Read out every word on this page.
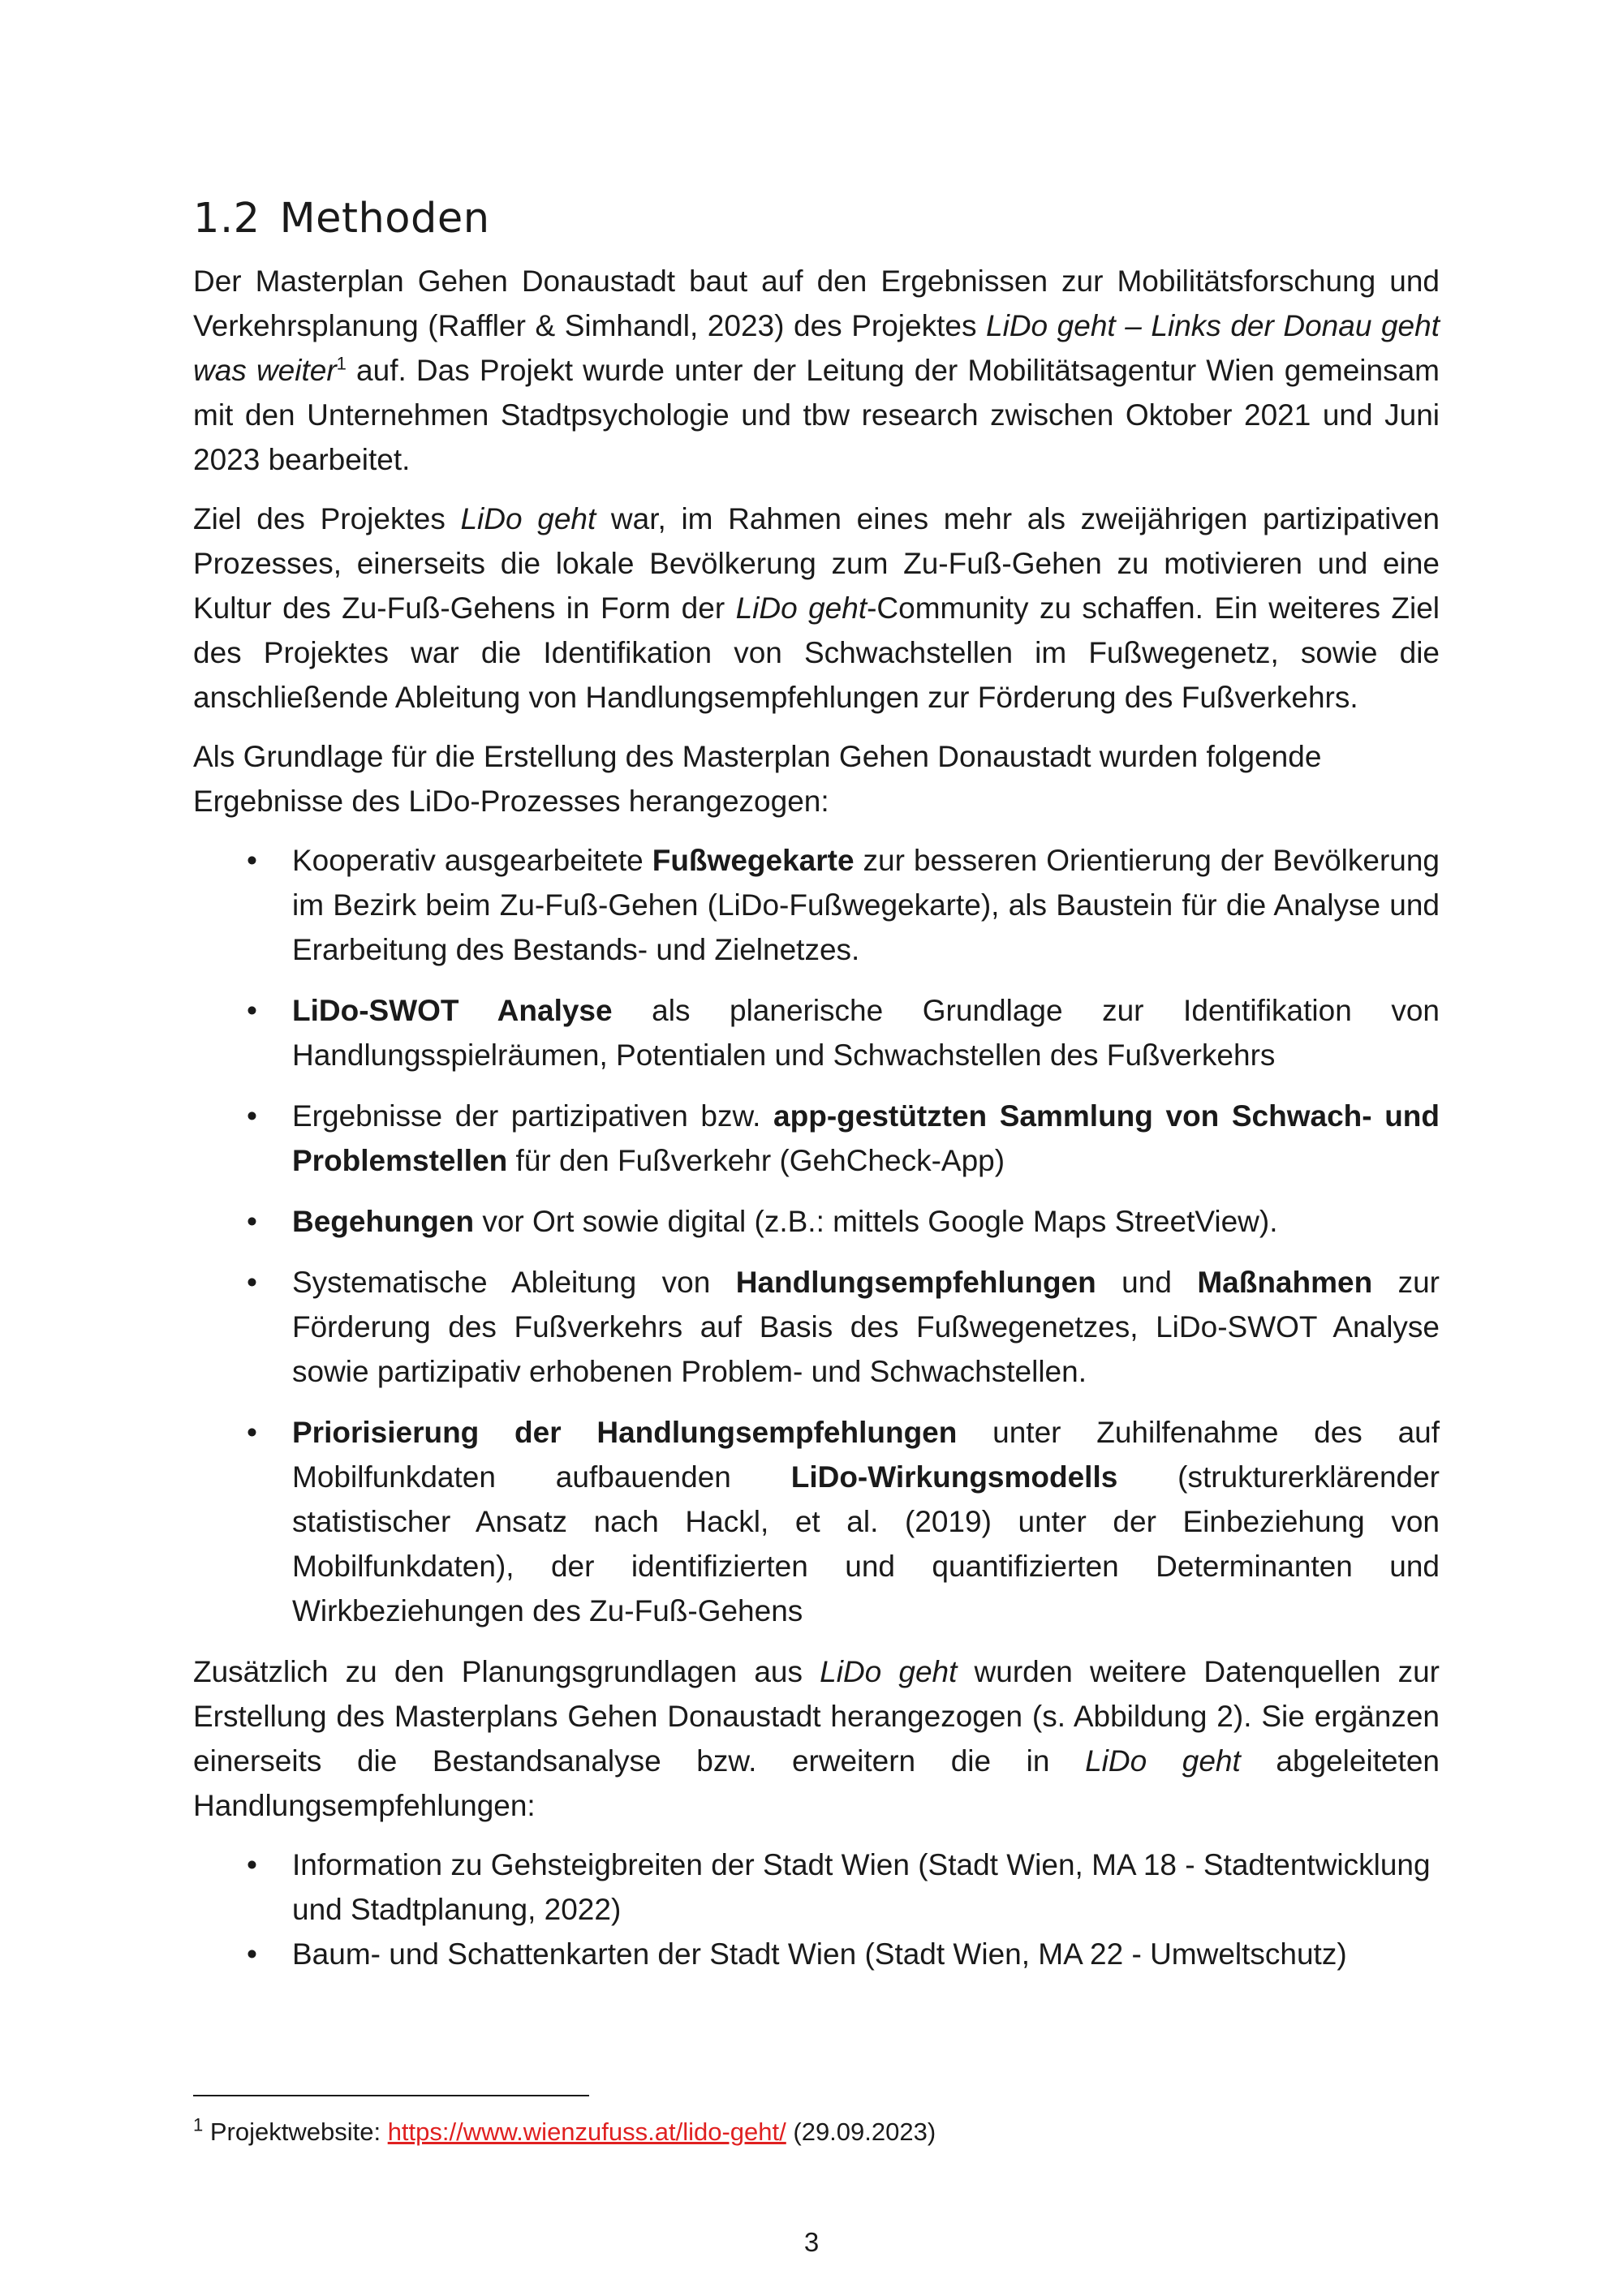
1.2 Methoden

Der Masterplan Gehen Donaustadt baut auf den Ergebnissen zur Mobilitätsforschung und Verkehrsplanung (Raffler & Simhandl, 2023) des Projektes LiDo geht – Links der Donau geht was weiter$^1$ auf. Das Projekt wurde unter der Leitung der Mobilitätsagentur Wien gemeinsam mit den Unternehmen Stadtpsychologie und tbw research zwischen Oktober 2021 und Juni 2023 bearbeitet.

Ziel des Projektes LiDo geht war, im Rahmen eines mehr als zweijährigen partizipativen Prozesses, einerseits die lokale Bevölkerung zum Zu-Fuß-Gehen zu motivieren und eine Kultur des Zu-Fuß-Gehens in Form der LiDo geht-Community zu schaffen. Ein weiteres Ziel des Projektes war die Identifikation von Schwachstellen im Fußwegenetz, sowie die anschließende Ableitung von Handlungsempfehlungen zur Förderung des Fußverkehrs.

Als Grundlage für die Erstellung des Masterplan Gehen Donaustadt wurden folgende Ergebnisse des LiDo-Prozesses herangezogen:

• Kooperativ ausgearbeitete Fußwegekarte zur besseren Orientierung der Bevölkerung im Bezirk beim Zu-Fuß-Gehen (LiDo-Fußwegekarte), als Baustein für die Analyse und Erarbeitung des Bestands- und Zielnetzes.
• LiDo-SWOT Analyse als planerische Grundlage zur Identifikation von Handlungsspielräumen, Potentialen und Schwachstellen des Fußverkehrs
• Ergebnisse der partizipativen bzw. app-gestützten Sammlung von Schwach- und Problemstellen für den Fußverkehr (GehCheck-App)
• Begehungen vor Ort sowie digital (z.B.: mittels Google Maps StreetView).
• Systematische Ableitung von Handlungsempfehlungen und Maßnahmen zur Förderung des Fußverkehrs auf Basis des Fußwegenetzes, LiDo-SWOT Analyse sowie partizipativ erhobenen Problem- und Schwachstellen.
• Priorisierung der Handlungsempfehlungen unter Zuhilfenahme des auf Mobilfunkdaten aufbauenden LiDo-Wirkungsmodells (strukturerklärender statistischer Ansatz nach Hackl, et al. (2019) unter der Einbeziehung von Mobilfunkdaten), der identifizierten und quantifizierten Determinanten und Wirkbeziehungen des Zu-Fuß-Gehens

Zusätzlich zu den Planungsgrundlagen aus LiDo geht wurden weitere Datenquellen zur Erstellung des Masterplans Gehen Donaustadt herangezogen (s. Abbildung 2). Sie ergänzen einerseits die Bestandsanalyse bzw. erweitern die in LiDo geht abgeleiteten Handlungsempfehlungen:

• Information zu Gehsteigbreiten der Stadt Wien (Stadt Wien, MA 18 - Stadtentwicklung und Stadtplanung, 2022)
• Baum- und Schattenkarten der Stadt Wien (Stadt Wien, MA 22 - Umweltschutz)
$^1$ Projektwebsite: https://www.wienzufuss.at/lido-geht/ (29.09.2023)
3
